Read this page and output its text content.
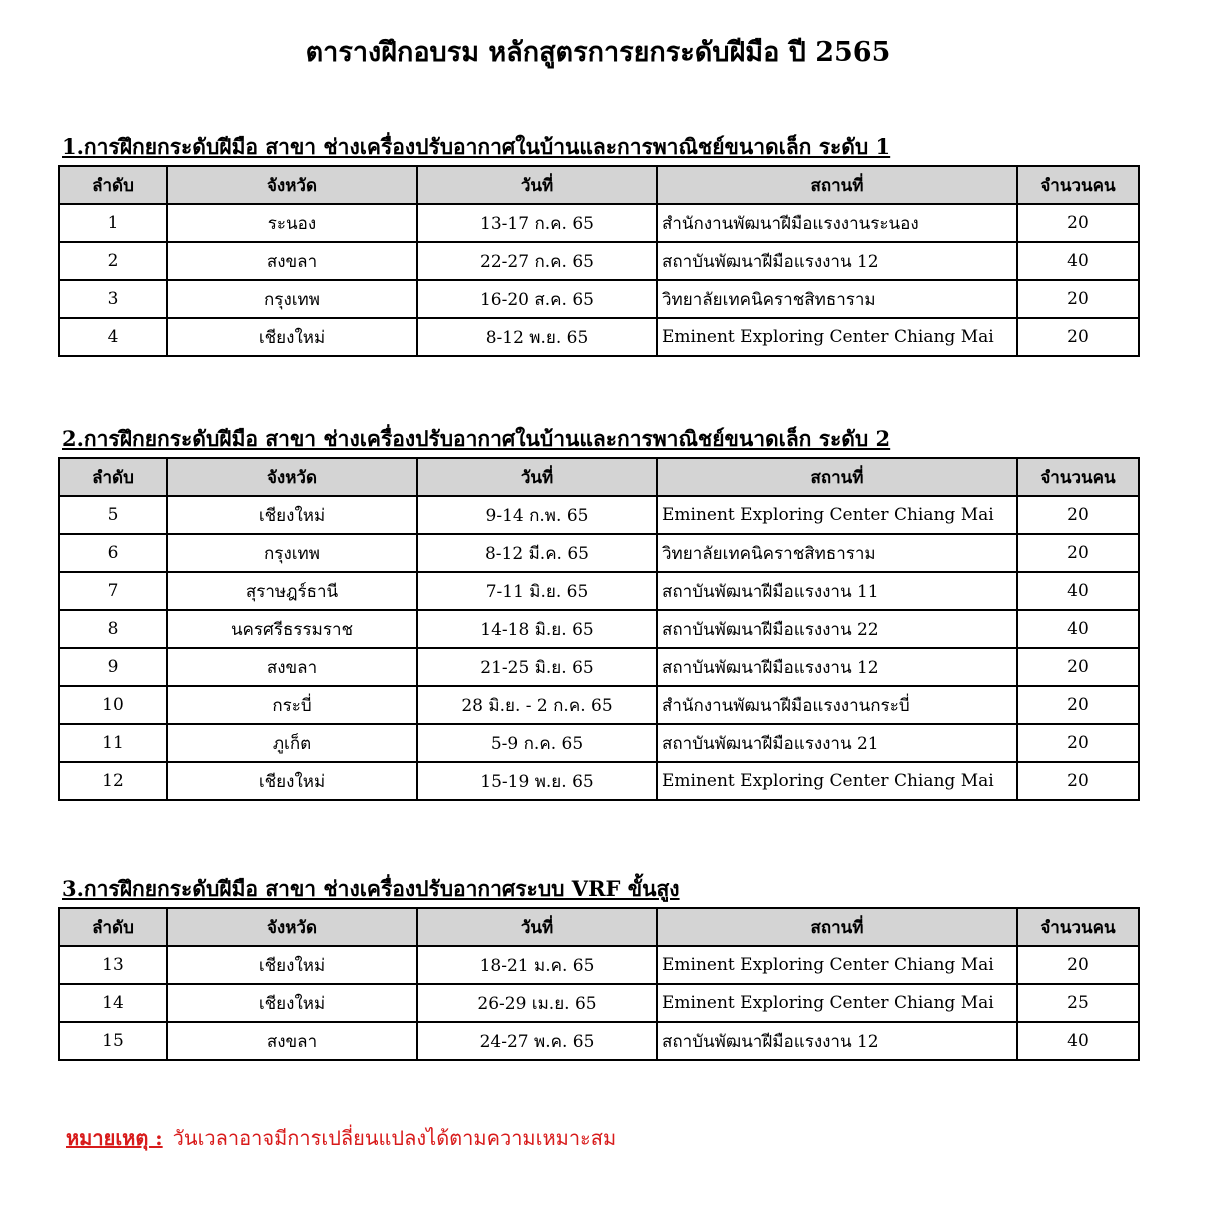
ตารางฝึกอบรม หลักสูตรการยกระดับฝีมือ ปี 2565
1.การฝึกยกระดับฝีมือ สาขา ช่างเครื่องปรับอากาศในบ้านและการพาณิชย์ขนาดเล็ก ระดับ 1
ลำดับ	จังหวัด	วันที่	สถานที่	จำนวนคน
1	ระนอง	13-17 ก.ค. 65	สำนักงานพัฒนาฝีมือแรงงานระนอง	20
2	สงขลา	22-27 ก.ค. 65	สถาบันพัฒนาฝีมือแรงงาน 12	40
3	กรุงเทพ	16-20 ส.ค. 65	วิทยาลัยเทคนิคราชสิทธาราม	20
4	เชียงใหม่	8-12 พ.ย. 65	Eminent Exploring Center Chiang Mai	20
2.การฝึกยกระดับฝีมือ สาขา ช่างเครื่องปรับอากาศในบ้านและการพาณิชย์ขนาดเล็ก ระดับ 2
ลำดับ	จังหวัด	วันที่	สถานที่	จำนวนคน
5	เชียงใหม่	9-14 ก.พ. 65	Eminent Exploring Center Chiang Mai	20
6	กรุงเทพ	8-12 มี.ค. 65	วิทยาลัยเทคนิคราชสิทธาราม	20
7	สุราษฎร์ธานี	7-11 มิ.ย. 65	สถาบันพัฒนาฝีมือแรงงาน 11	40
8	นครศรีธรรมราช	14-18 มิ.ย. 65	สถาบันพัฒนาฝีมือแรงงาน 22	40
9	สงขลา	21-25 มิ.ย. 65	สถาบันพัฒนาฝีมือแรงงาน 12	20
10	กระบี่	28 มิ.ย. - 2 ก.ค. 65	สำนักงานพัฒนาฝีมือแรงงานกระบี่	20
11	ภูเก็ต	5-9 ก.ค. 65	สถาบันพัฒนาฝีมือแรงงาน 21	20
12	เชียงใหม่	15-19 พ.ย. 65	Eminent Exploring Center Chiang Mai	20
3.การฝึกยกระดับฝีมือ สาขา ช่างเครื่องปรับอากาศระบบ VRF ขั้นสูง
ลำดับ	จังหวัด	วันที่	สถานที่	จำนวนคน
13	เชียงใหม่	18-21 ม.ค. 65	Eminent Exploring Center Chiang Mai	20
14	เชียงใหม่	26-29 เม.ย. 65	Eminent Exploring Center Chiang Mai	25
15	สงขลา	24-27 พ.ค. 65	สถาบันพัฒนาฝีมือแรงงาน 12	40
หมายเหตุ : วันเวลาอาจมีการเปลี่ยนแปลงได้ตามความเหมาะสม
